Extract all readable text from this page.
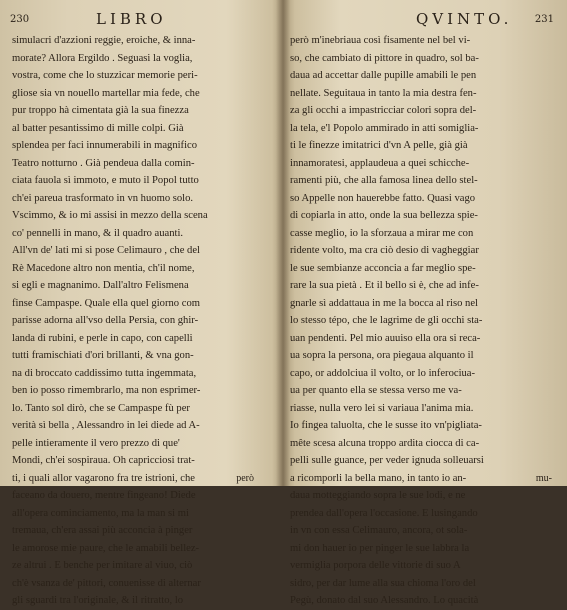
230	LIBRO
simulacri d'azzioni reggie, eroiche, & inna-
morate? Allora Ergildo . Seguasi la voglia,
vostra, come che lo stuzzicar memorie peri-
gliose sia vn nouello martellar mia fede, che
pur troppo hà cimentata già la sua finezza
al batter pesantissimo di mille colpi. Già
splendea per faci innumerabili in magnifico
Teatro notturno . Già pendeua dalla comin-
ciata fauola sì immoto, e muto il Popol tutto
ch'ei pareua trasformato in vn huomo solo.
Vscimmo, & io mi assisi in mezzo della scena
co' pennelli in mano, & il quadro auanti.
All'vn de' lati mi si pose Celimauro , che del
Rè Macedone altro non mentia, ch'il nome,
si egli e magnanimo. Dall'altro Felismena
finse Campaspe. Quale ella quel giorno com
parisse adorna all'vso della Persia, con ghir-
landa di rubini, e perle in capo, con capelli
tutti framischiati d'ori brillanti, & vna gon-
na di broccato caddissimo tutta ingemmata,
ben io posso rimembrarlo, ma non esprimer-
lo. Tanto sol dirò, che se Campaspe fù per
verità sì bella , Alessandro in lei diede ad A-
pelle intieramente il vero prezzo di que'
Mondi, ch'ei sospiraua. Oh capricciosi trat-
ti, i quali allor vagarono fra tre istrioni, che
faceano da douero, mentre fingeano! Diede
all'opera cominciamento, ma la man si mi
tremaua, ch'era assai più acconcia à pinger
le amorose mie paure, che le amabili bellez-
ze altrui . E benche per imitare al viuo, ciò
ch'è vsanza de' pittori, conuenisse di alternar
gli sguardi tra l'originale, & il ritratto, lo
però
QVINTO. 231
però m'inebriaua così fisamente nel bel vi-
so, che cambiato di pittore in quadro, sol ba-
daua ad accettar dalle pupille amabili le pen
nellate. Seguitaua in tanto la mia destra fen-
za gli occhi a impastricciar colori sopra del-
la tela, e'l Popolo ammirado in atti somiglia-
ti le finezze imitatrici d'vn A pelle, già già
innamoratesi, applaudeua a quei schicche-
ramenti più, che alla famosa linea dello stel-
so Appelle non hauerebbe fatto. Quasi vago
di copiarla in atto, onde la sua bellezza spie-
casse meglio, io la sforzaua a mirar me con
ridente volto, ma cra ciò desio di vagheggiar
le sue sembianze acconcia a far meglio spe-
rare la sua pietà . Et il bello sì è, che ad infe-
gnarle sì addattaua in me la bocca al riso nel
lo stesso tépo, che le lagrime de gli occhi sta-
uan pendenti. Pel mio auuiso ella ora si reca-
ua sopra la persona, ora piegaua alquanto il
capo, or addolciua il volto, or lo inferociua-
ua per quanto ella se stessa verso me va-
riasse, nulla vero lei si variaua l'anima mia.
Io fingea taluolta, che le susse ito vn'pigliata-
mête scesa alcuna troppo ardita ciocca di ca-
pelli sulle guance, per veder ignuda solleuarsi
a ricomporli la bella mano, in tanto io an-
daua motteggiando sopra le sue lodi, e ne
prendea dall'opera l'occasione. E lusingando
in vn con essa Celimauro, ancora, ot sola-
mi don hauer io per pinger le sue labbra la
vermiglia porpora delle vittorie di suo A
sidro, per dar lume alla sua chioma l'oro del
Pegù, donato dal suo Alessandro. Lo quacità
mu-
